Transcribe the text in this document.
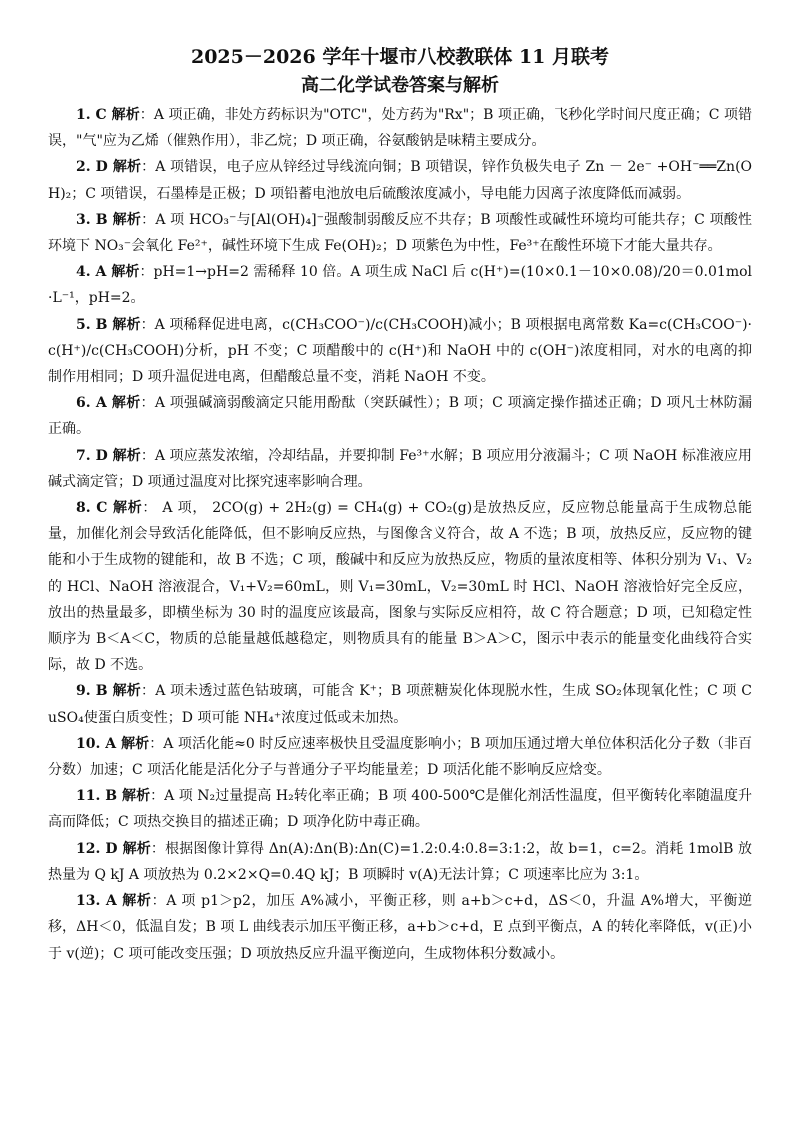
2025－2026 学年十堰市八校教联体 11 月联考
高二化学试卷答案与解析

1. C 解析：A 项正确，非处方药标识为"OTC"，处方药为"Rx"；B 项正确，飞秒化学时间尺度正确；C 项错误，"气"应为乙烯（催熟作用），非乙烷；D 项正确，谷氨酸钠是味精主要成分。

2. D 解析：A 项错误，电子应从锌经过导线流向铜；B 项错误，锌作负极失电子 Zn － 2e⁻ +OH⁻══Zn(OH)₂；C 项错误，石墨棒是正极；D 项铅蓄电池放电后硫酸浓度减小，导电能力因离子浓度降低而减弱。

3. B 解析：A 项 HCO₃⁻与[Al(OH)₄]⁻强酸制弱酸反应不共存；B 项酸性或碱性环境均可能共存；C 项酸性环境下 NO₃⁻会氧化 Fe²⁺，碱性环境下生成 Fe(OH)₂；D 项紫色为中性，Fe³⁺在酸性环境下才能大量共存。

4. A 解析：pH=1→pH=2 需稀释 10 倍。A 项生成 NaCl 后 c(H⁺)=(10×0.1－10×0.08)/20＝0.01mol·L⁻¹，pH=2。

5. B 解析：A 项稀释促进电离，c(CH₃COO⁻)/c(CH₃COOH)减小；B 项根据电离常数 Ka=c(CH₃COO⁻)·c(H⁺)/c(CH₃COOH)分析，pH 不变；C 项醋酸中的 c(H⁺)和 NaOH 中的 c(OH⁻)浓度相同，对水的电离的抑制作用相同；D 项升温促进电离，但醋酸总量不变，消耗 NaOH 不变。

6. A 解析：A 项强碱滴弱酸滴定只能用酚酞（突跃碱性）；B 项；C 项滴定操作描述正确；D 项凡士林防漏正确。

7. D 解析：A 项应蒸发浓缩，冷却结晶，并要抑制 Fe³⁺水解；B 项应用分液漏斗；C 项 NaOH 标准液应用碱式滴定管；D 项通过温度对比探究速率影响合理。

8. C 解析： A 项， 2CO(g) + 2H₂(g) = CH₄(g) + CO₂(g)是放热反应，反应物总能量高于生成物总能量，加催化剂会导致活化能降低，但不影响反应热，与图像含义符合，故 A 不选；B 项，放热反应，反应物的键能和小于生成物的键能和，故 B 不选；C 项，酸碱中和反应为放热反应，物质的量浓度相等、体积分别为 V₁、V₂ 的 HCl、NaOH 溶液混合，V₁+V₂=60mL，则 V₁=30mL，V₂=30mL 时 HCl、NaOH 溶液恰好完全反应，放出的热量最多，即横坐标为 30 时的温度应该最高，图象与实际反应相符，故 C 符合题意；D 项，已知稳定性顺序为 B＜A＜C，物质的总能量越低越稳定，则物质具有的能量 B＞A＞C，图示中表示的能量变化曲线符合实际，故 D 不选。

9. B 解析：A 项未透过蓝色钴玻璃，可能含 K⁺；B 项蔗糖炭化体现脱水性，生成 SO₂体现氧化性；C 项 CuSO₄使蛋白质变性；D 项可能 NH₄⁺浓度过低或未加热。

10. A 解析：A 项活化能≈0 时反应速率极快且受温度影响小；B 项加压通过增大单位体积活化分子数（非百分数）加速；C 项活化能是活化分子与普通分子平均能量差；D 项活化能不影响反应焓变。

11. B 解析：A 项 N₂过量提高 H₂转化率正确；B 项 400-500℃是催化剂活性温度，但平衡转化率随温度升高而降低；C 项热交换目的描述正确；D 项净化防中毒正确。

12. D 解析：根据图像计算得 Δn(A):Δn(B):Δn(C)=1.2:0.4:0.8=3:1:2，故 b=1，c=2。消耗 1molB 放热量为 Q kJ A 项放热为 0.2×2×Q=0.4Q kJ；B 项瞬时 v(A)无法计算；C 项速率比应为 3:1。

13. A 解析：A 项 p1＞p2，加压 A%减小，平衡正移，则 a+b＞c+d，ΔS＜0，升温 A%增大，平衡逆移，ΔH＜0，低温自发；B 项 L 曲线表示加压平衡正移，a+b＞c+d，E 点到平衡点，A 的转化率降低，v(正)小于 v(逆)；C 项可能改变压强；D 项放热反应升温平衡逆向，生成物体积分数减小。
